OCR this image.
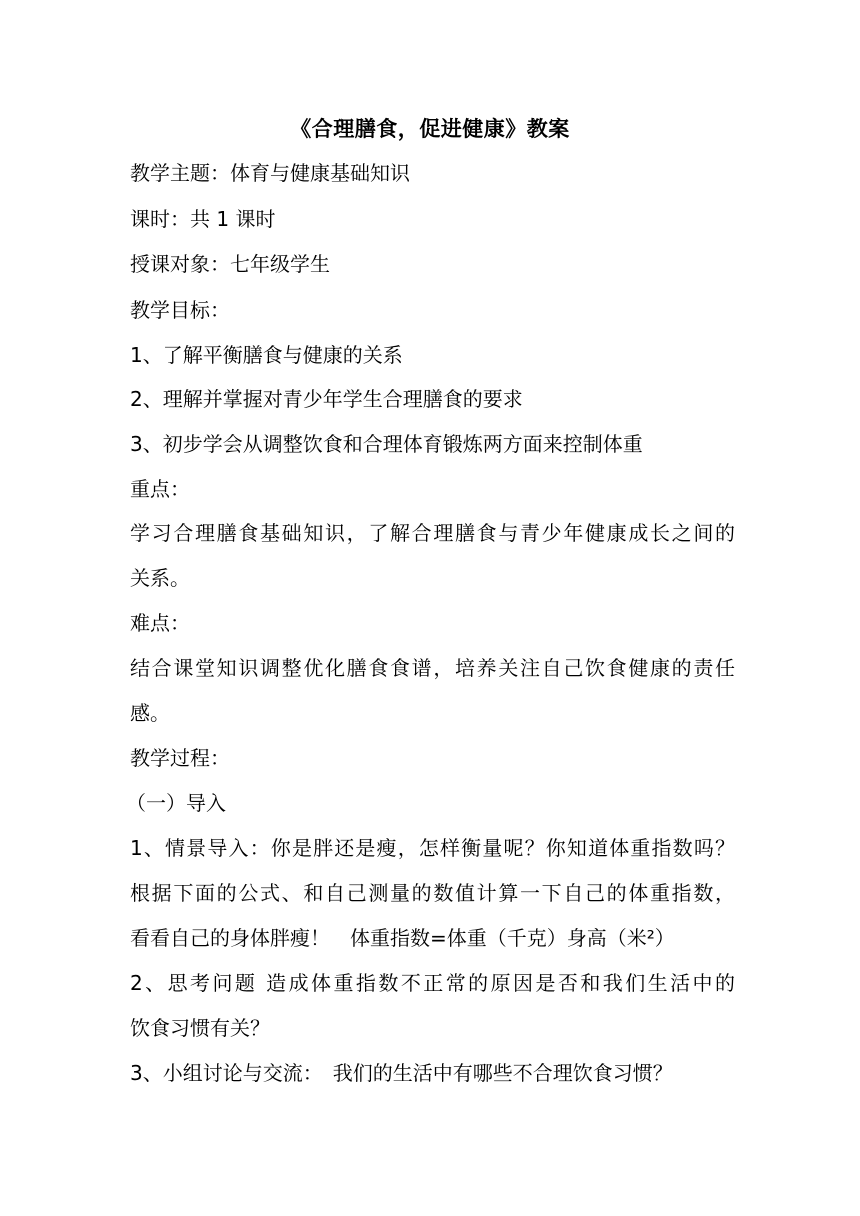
《合理膳食，促进健康》教案
教学主题：体育与健康基础知识
课时：共 1 课时
授课对象：七年级学生
教学目标：
1、了解平衡膳食与健康的关系
2、理解并掌握对青少年学生合理膳食的要求
3、初步学会从调整饮食和合理体育锻炼两方面来控制体重
重点：
学习合理膳食基础知识，了解合理膳食与青少年健康成长之间的
关系。
难点：
结合课堂知识调整优化膳食食谱，培养关注自己饮食健康的责任
感。
教学过程：
（一）导入
1、情景导入：你是胖还是瘦，怎样衡量呢？你知道体重指数吗？
根据下面的公式、和自己测量的数值计算一下自己的体重指数，
看看自己的身体胖瘦！　体重指数=体重（千克）身高（米²）
2、思考问题 造成体重指数不正常的原因是否和我们生活中的
饮食习惯有关？
3、小组讨论与交流：　我们的生活中有哪些不合理饮食习惯？
